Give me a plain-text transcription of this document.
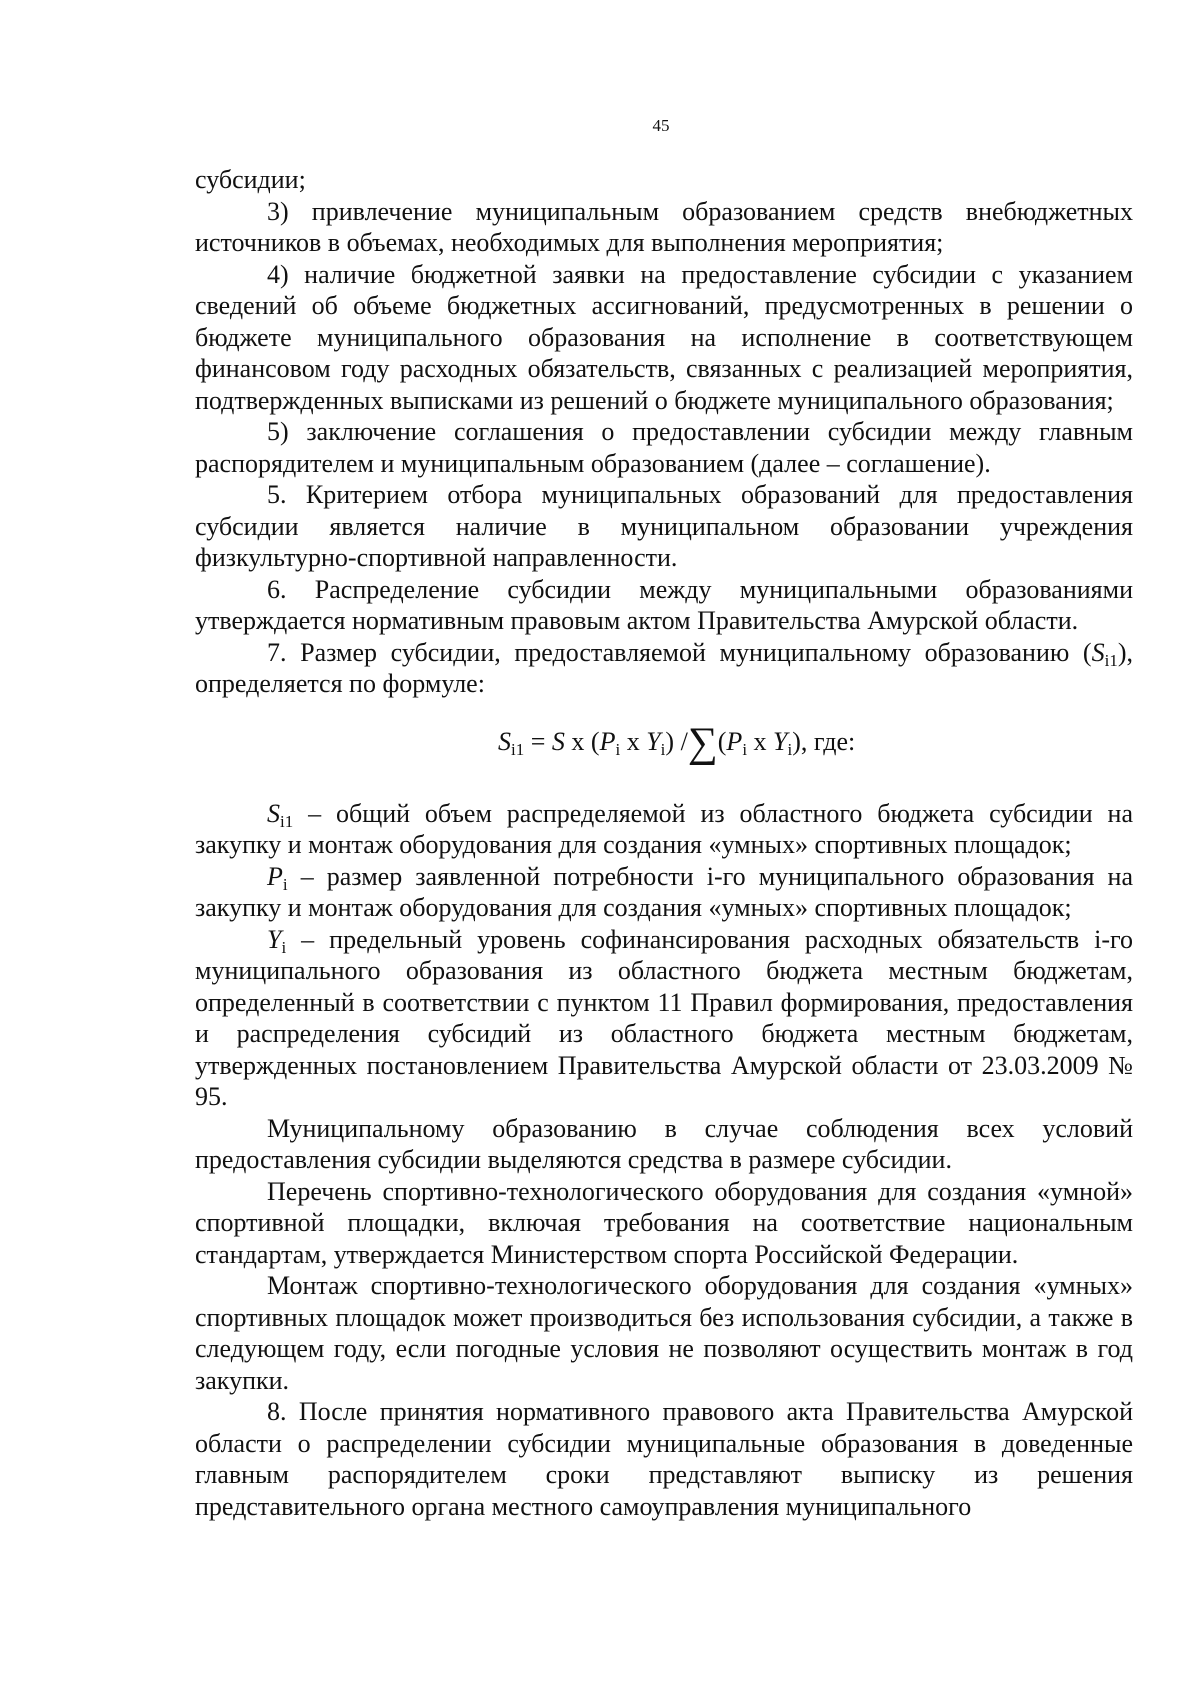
45

субсидии;

3) привлечение муниципальным образованием средств внебюджетных источников в объемах, необходимых для выполнения мероприятия;

4) наличие бюджетной заявки на предоставление субсидии с указанием сведений об объеме бюджетных ассигнований, предусмотренных в решении о бюджете муниципального образования на исполнение в соответствующем финансовом году расходных обязательств, связанных с реализацией мероприятия, подтвержденных выписками из решений о бюджете муниципального образования;

5) заключение соглашения о предоставлении субсидии между главным распорядителем и муниципальным образованием (далее – соглашение).

5. Критерием отбора муниципальных образований для предоставления субсидии является наличие в муниципальном образовании учреждения физкультурно-спортивной направленности.

6. Распределение субсидии между муниципальными образованиями утверждается нормативным правовым актом Правительства Амурской области.

7. Размер субсидии, предоставляемой муниципальному образованию $(S_{i1})$, определяется по формуле:

$S_{i1} = S$ x ($P_i$ x $Y_i$) $/\sum(P_i$ x $Y_i$), где:

$S_{i1}$ – общий объем распределяемой из областного бюджета субсидии на закупку и монтаж оборудования для создания «умных» спортивных площадок;

$P_i$ – размер заявленной потребности i-го муниципального образования на закупку и монтаж оборудования для создания «умных» спортивных площадок;

$Y_i$ – предельный уровень софинансирования расходных обязательств i-го муниципального образования из областного бюджета местным бюджетам, определенный в соответствии с пунктом 11 Правил формирования, предоставления и распределения субсидий из областного бюджета местным бюджетам, утвержденных постановлением Правительства Амурской области от 23.03.2009 № 95.

Муниципальному образованию в случае соблюдения всех условий предоставления субсидии выделяются средства в размере субсидии.

Перечень спортивно-технологического оборудования для создания «умной» спортивной площадки, включая требования на соответствие национальным стандартам, утверждается Министерством спорта Российской Федерации.

Монтаж спортивно-технологического оборудования для создания «умных» спортивных площадок может производиться без использования субсидии, а также в следующем году, если погодные условия не позволяют осуществить монтаж в год закупки.

8. После принятия нормативного правового акта Правительства Амурской области о распределении субсидии муниципальные образования в доведенные главным распорядителем сроки представляют выписку из решения представительного органа местного самоуправления муниципального
